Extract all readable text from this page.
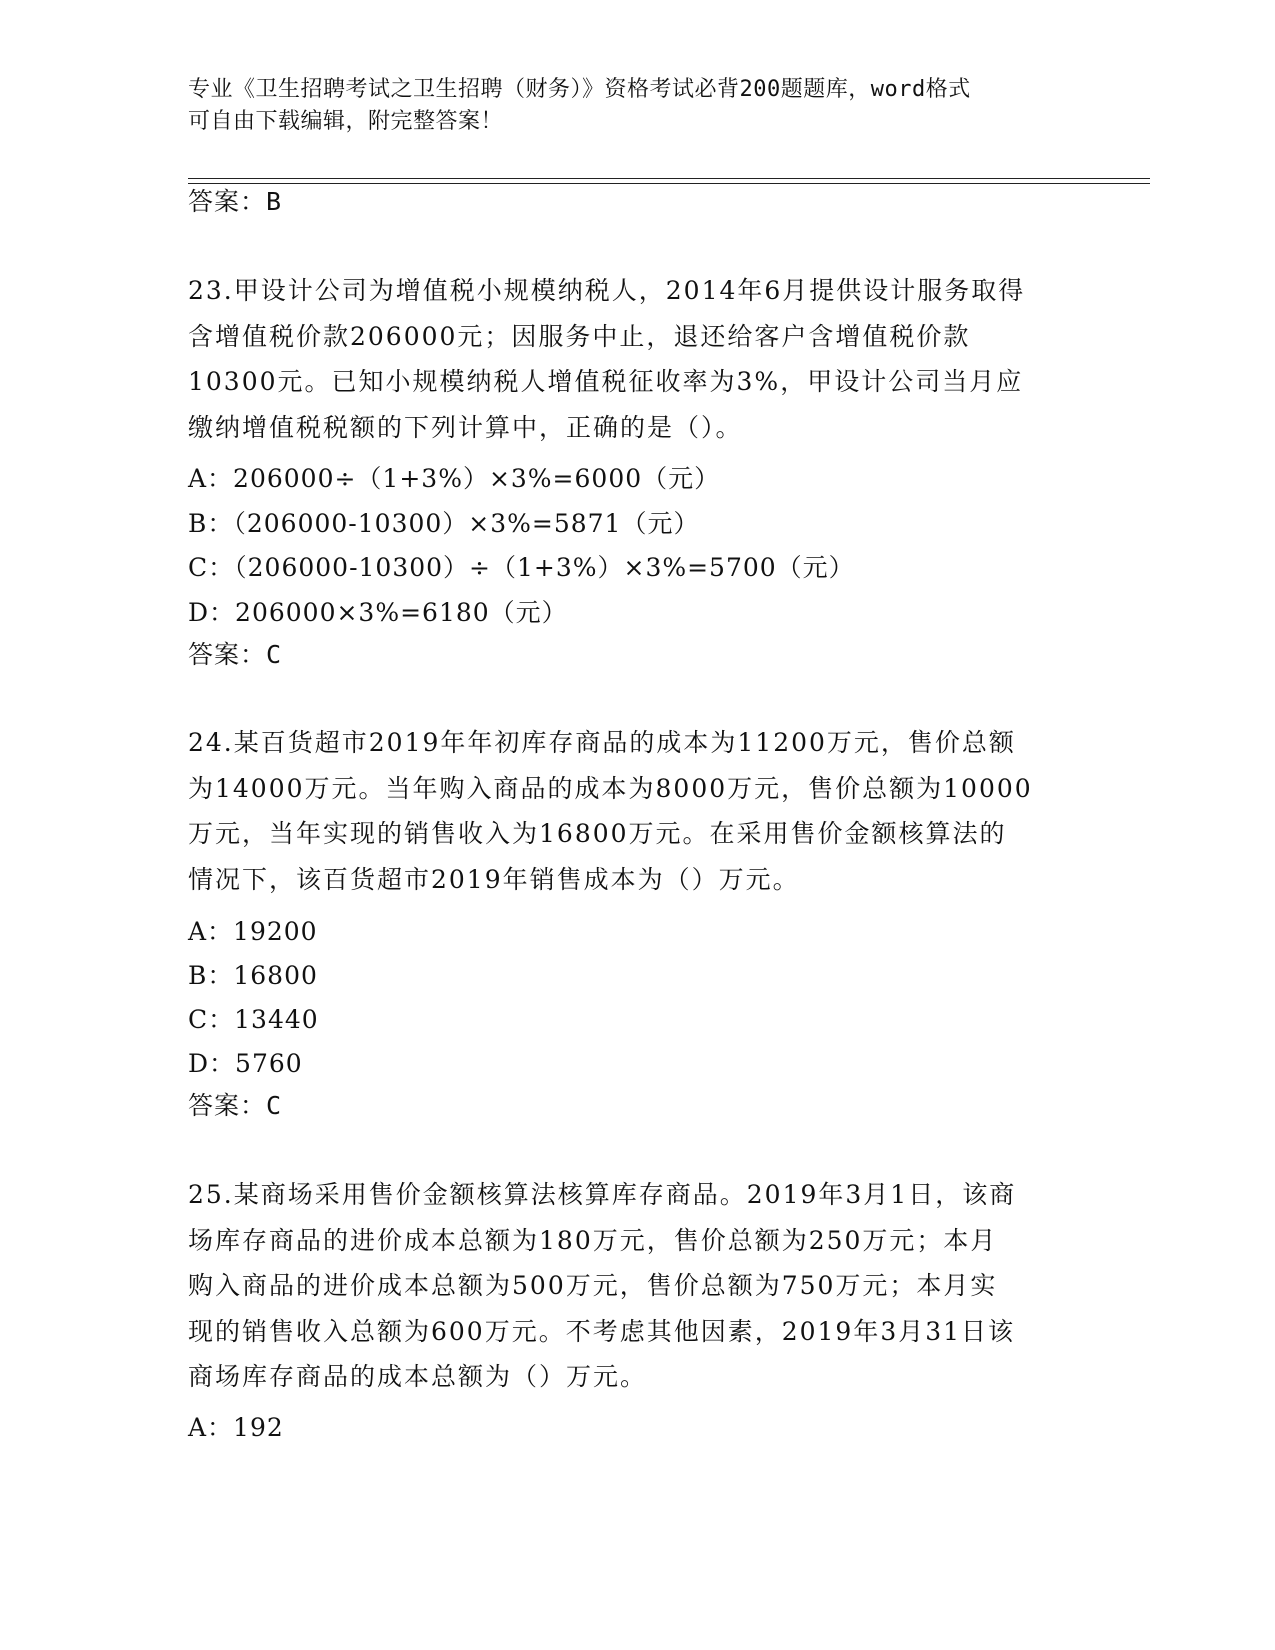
专业《卫生招聘考试之卫生招聘（财务）》资格考试必背200题题库，word格式
可自由下载编辑，附完整答案！
答案：B
23.甲设计公司为增值税小规模纳税人，2014年6月提供设计服务取得
含增值税价款206000元；因服务中止，退还给客户含增值税价款
10300元。已知小规模纳税人增值税征收率为3%，甲设计公司当月应
缴纳增值税税额的下列计算中，正确的是（）。
A：206000÷（1+3%）×3%=6000（元）
B：（206000-10300）×3%=5871（元）
C：（206000-10300）÷（1+3%）×3%=5700（元）
D：206000×3%=6180（元）
答案：C
24.某百货超市2019年年初库存商品的成本为11200万元，售价总额
为14000万元。当年购入商品的成本为8000万元，售价总额为10000
万元，当年实现的销售收入为16800万元。在采用售价金额核算法的
情况下，该百货超市2019年销售成本为（）万元。
A：19200
B：16800
C：13440
D：5760
答案：C
25.某商场采用售价金额核算法核算库存商品。2019年3月1日，该商
场库存商品的进价成本总额为180万元，售价总额为250万元；本月
购入商品的进价成本总额为500万元，售价总额为750万元；本月实
现的销售收入总额为600万元。不考虑其他因素，2019年3月31日该
商场库存商品的成本总额为（）万元。
A：192
